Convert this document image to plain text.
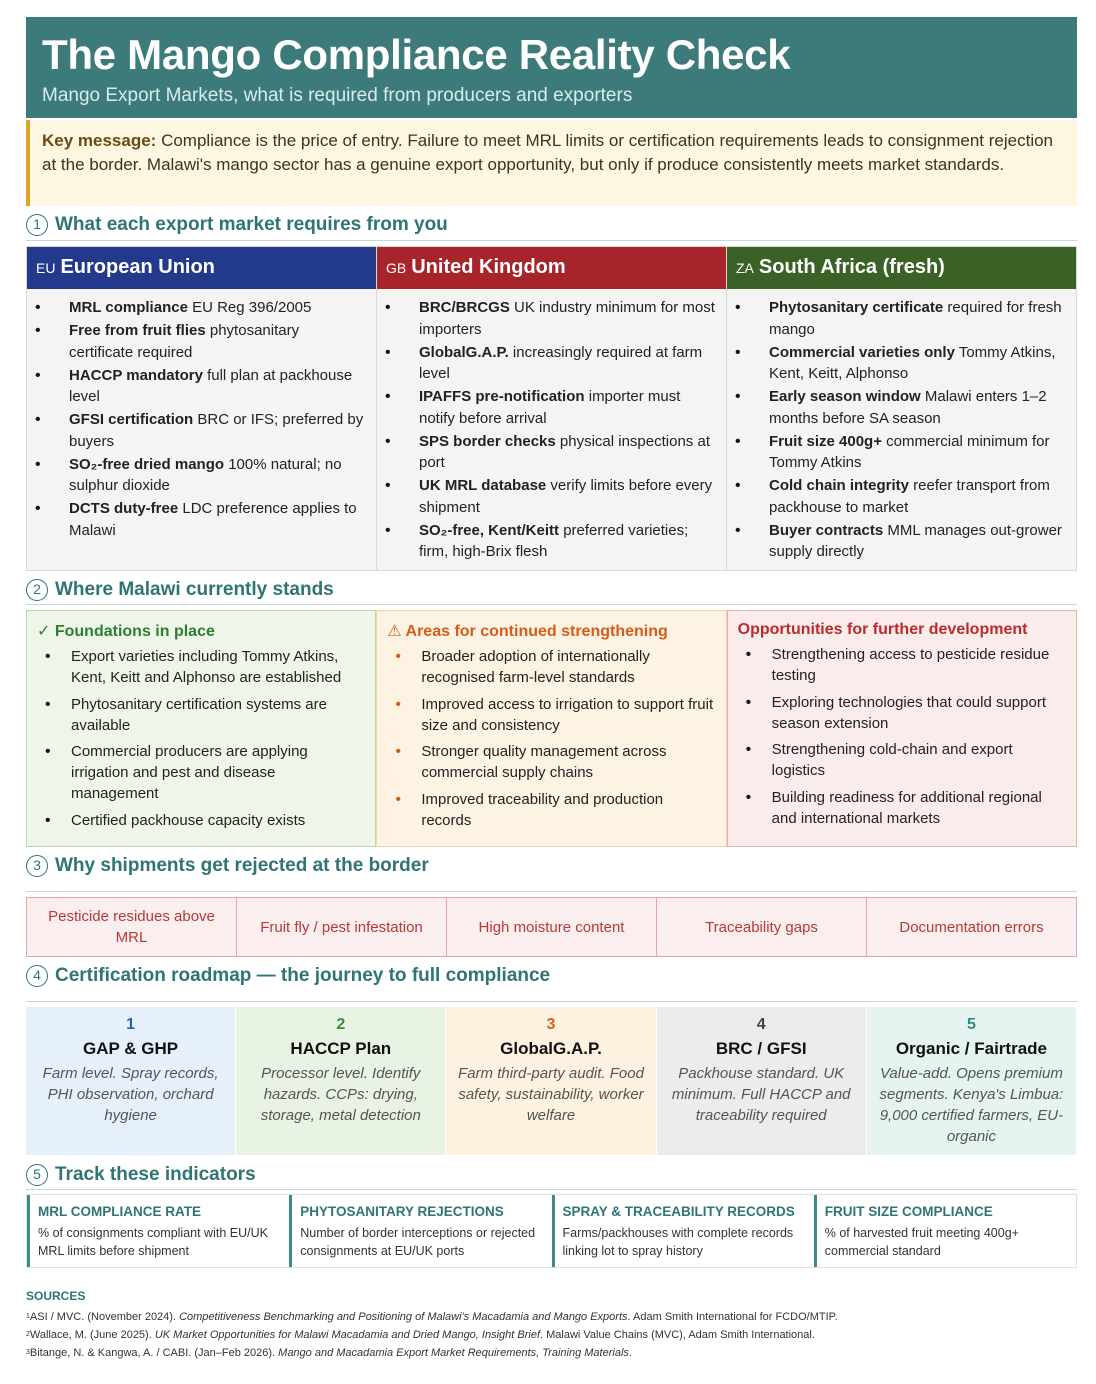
The Mango Compliance Reality Check
Mango Export Markets, what is required from producers and exporters
Key message: Compliance is the price of entry. Failure to meet MRL limits or certification requirements leads to consignment rejection at the border. Malawi's mango sector has a genuine export opportunity, but only if produce consistently meets market standards.
1 What each export market requires from you
EU European Union
• MRL compliance EU Reg 396/2005
• Free from fruit flies phytosanitary certificate required
• HACCP mandatory full plan at packhouse level
• GFSI certification BRC or IFS; preferred by buyers
• SO₂-free dried mango 100% natural; no sulphur dioxide
• DCTS duty-free LDC preference applies to Malawi
GB United Kingdom
• BRC/BRCGS UK industry minimum for most importers
• GlobalG.A.P. increasingly required at farm level
• IPAFFS pre-notification importer must notify before arrival
• SPS border checks physical inspections at port
• UK MRL database verify limits before every shipment
• SO₂-free, Kent/Keitt preferred varieties; firm, high-Brix flesh
ZA South Africa (fresh)
• Phytosanitary certificate required for fresh mango
• Commercial varieties only Tommy Atkins, Kent, Keitt, Alphonso
• Early season window Malawi enters 1–2 months before SA season
• Fruit size 400g+ commercial minimum for Tommy Atkins
• Cold chain integrity reefer transport from packhouse to market
• Buyer contracts MML manages out-grower supply directly
2 Where Malawi currently stands
✓ Foundations in place
• Export varieties including Tommy Atkins, Kent, Keitt and Alphonso are established
• Phytosanitary certification systems are available
• Commercial producers are applying irrigation and pest and disease management
• Certified packhouse capacity exists
⚠ Areas for continued strengthening
• Broader adoption of internationally recognised farm-level standards
• Improved access to irrigation to support fruit size and consistency
• Stronger quality management across commercial supply chains
• Improved traceability and production records
Opportunities for further development
• Strengthening access to pesticide residue testing
• Exploring technologies that could support season extension
• Strengthening cold-chain and export logistics
• Building readiness for additional regional and international markets
3 Why shipments get rejected at the border
Pesticide residues above MRL
Fruit fly / pest infestation	High moisture content	Traceability gaps	Documentation errors
4 Certification roadmap — the journey to full compliance
1
GAP & GHP
Farm level. Spray records, PHI observation, orchard hygiene
2
HACCP Plan
Processor level. Identify hazards. CCPs: drying, storage, metal detection
3
GlobalG.A.P.
Farm third-party audit. Food safety, sustainability, worker welfare
4
BRC / GFSI
Packhouse standard. UK minimum. Full HACCP and traceability required
5
Organic / Fairtrade
Value-add. Opens premium segments. Kenya's Limbua: 9,000 certified farmers, EU-organic
5 Track these indicators
MRL COMPLIANCE RATE
% of consignments compliant with EU/UK MRL limits before shipment
PHYTOSANITARY REJECTIONS
Number of border interceptions or rejected consignments at EU/UK ports
SPRAY & TRACEABILITY RECORDS
Farms/packhouses with complete records linking lot to spray history
FRUIT SIZE COMPLIANCE
% of harvested fruit meeting 400g+ commercial standard
SOURCES
$^1$ASI / MVC. (November 2024). Competitiveness Benchmarking and Positioning of Malawi's Macadamia and Mango Exports. Adam Smith International for FCDO/MTIP.
$^2$Wallace, M. (June 2025). UK Market Opportunities for Malawi Macadamia and Dried Mango, Insight Brief. Malawi Value Chains (MVC), Adam Smith International.
$^3$Bitange, N. & Kangwa, A. / CABI. (Jan–Feb 2026). Mango and Macadamia Export Market Requirements, Training Materials.
